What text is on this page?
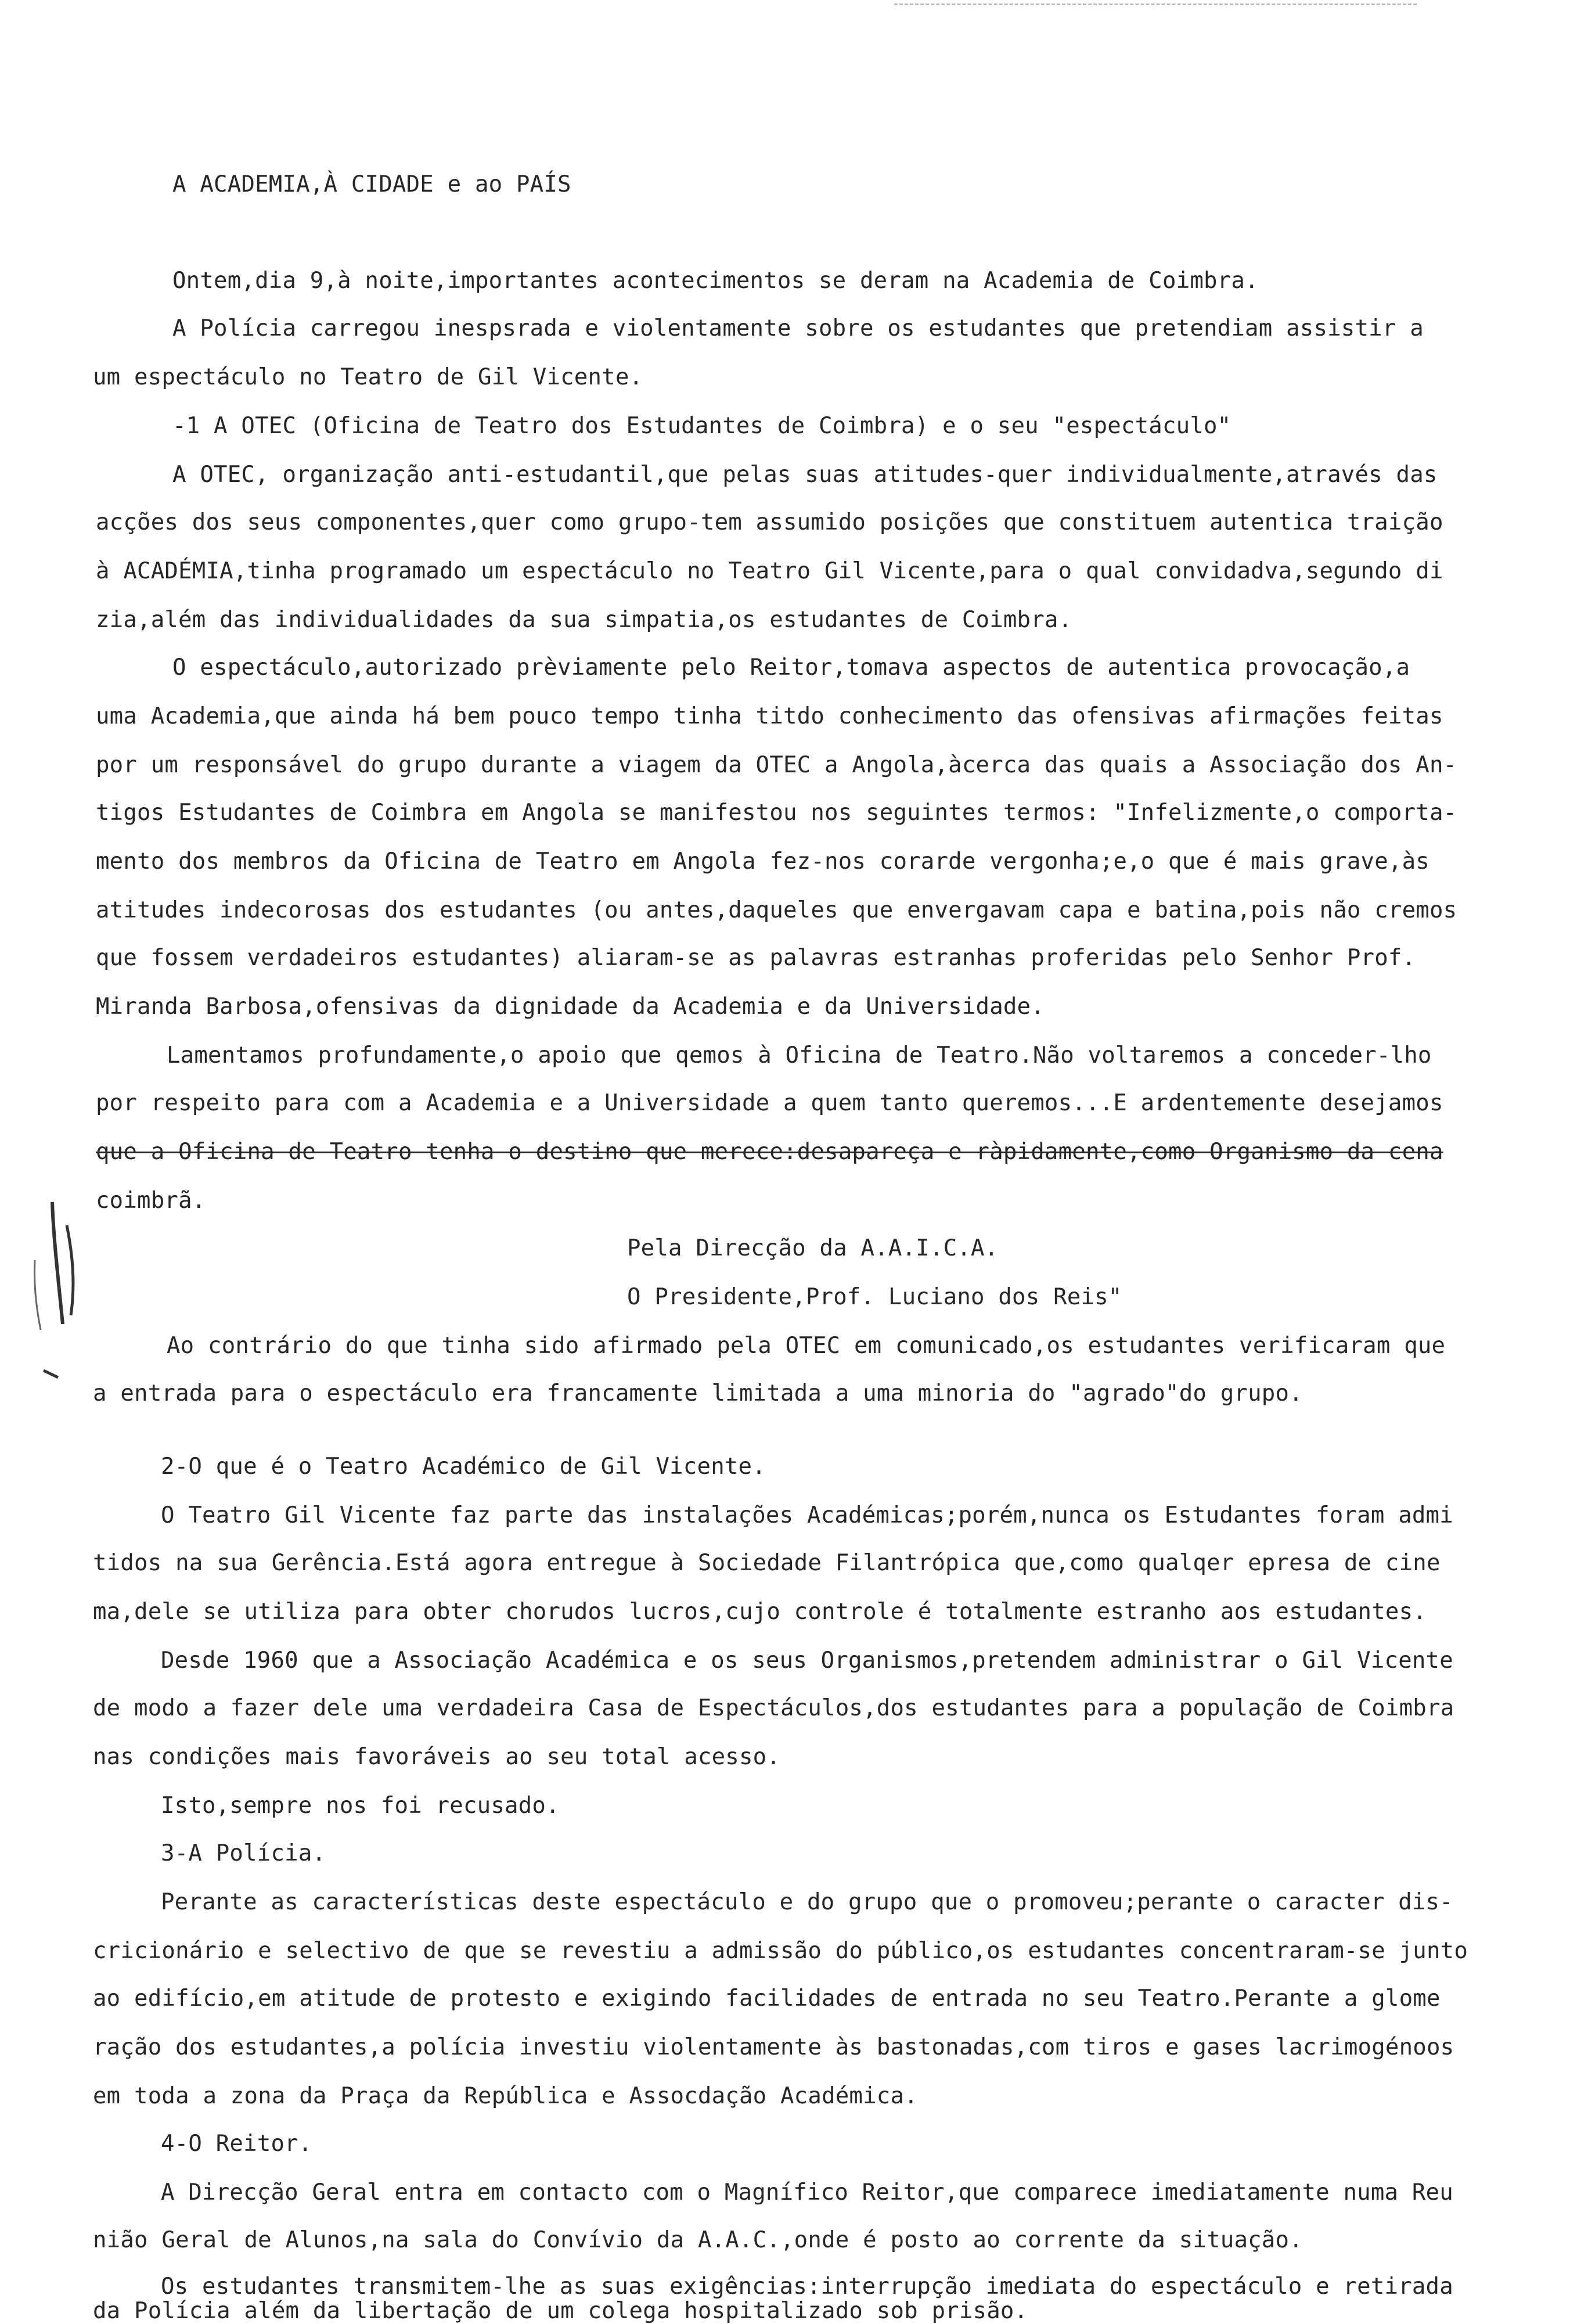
A ACADEMIA,À CIDADE e ao PAÍS
Ontem,dia 9,à noite,importantes acontecimentos se deram na Academia de Coimbra.
A Polícia carregou inespsrada e violentamente sobre os estudantes que pretendiam assistir a
um espectáculo no Teatro de Gil Vicente.
-1 A OTEC (Oficina de Teatro dos Estudantes de Coimbra) e o seu "espectáculo"
A OTEC, organização anti-estudantil,que pelas suas atitudes-quer individualmente,através das
acções dos seus componentes,quer como grupo-tem assumido posições que constituem autentica traição
à ACADÉMIA,tinha programado um espectáculo no Teatro Gil Vicente,para o qual convidadva,segundo di
zia,além das individualidades da sua simpatia,os estudantes de Coimbra.
O espectáculo,autorizado prèviamente pelo Reitor,tomava aspectos de autentica provocação,a
uma Academia,que ainda há bem pouco tempo tinha titdo conhecimento das ofensivas afirmações feitas
por um responsável do grupo durante a viagem da OTEC a Angola,àcerca das quais a Associação dos An-
tigos Estudantes de Coimbra em Angola se manifestou nos seguintes termos: "Infelizmente,o comporta-
mento dos membros da Oficina de Teatro em Angola fez-nos corarde vergonha;e,o que é mais grave,às
atitudes indecorosas dos estudantes (ou antes,daqueles que envergavam capa e batina,pois não cremos
que fossem verdadeiros estudantes) aliaram-se as palavras estranhas proferidas pelo Senhor Prof.
Miranda Barbosa,ofensivas da dignidade da Academia e da Universidade.
Lamentamos profundamente,o apoio que qemos à Oficina de Teatro.Não voltaremos a conceder-lho
por respeito para com a Academia e a Universidade a quem tanto queremos...E ardentemente desejamos
que a Oficina de Teatro tenha o destino que merece:desapareça e ràpidamente,como Organismo da cena
coimbrã.
Pela Direcção da A.A.I.C.A.
O Presidente,Prof. Luciano dos Reis"
Ao contrário do que tinha sido afirmado pela OTEC em comunicado,os estudantes verificaram que
a entrada para o espectáculo era francamente limitada a uma minoria do "agrado"do grupo.
2-O que é o Teatro Académico de Gil Vicente.
O Teatro Gil Vicente faz parte das instalações Académicas;porém,nunca os Estudantes foram admi
tidos na sua Gerência.Está agora entregue à Sociedade Filantrópica que,como qualqer epresa de cine
ma,dele se utiliza para obter chorudos lucros,cujo controle é totalmente estranho aos estudantes.
Desde 1960 que a Associação Académica e os seus Organismos,pretendem administrar o Gil Vicente
de modo a fazer dele uma verdadeira Casa de Espectáculos,dos estudantes para a população de Coimbra
nas condições mais favoráveis ao seu total acesso.
Isto,sempre nos foi recusado.
3-A Polícia.
Perante as características deste espectáculo e do grupo que o promoveu;perante o caracter dis-
cricionário e selectivo de que se revestiu a admissão do público,os estudantes concentraram-se junto
ao edifício,em atitude de protesto e exigindo facilidades de entrada no seu Teatro.Perante a glome
ração dos estudantes,a polícia investiu violentamente às bastonadas,com tiros e gases lacrimogénoos
em toda a zona da Praça da República e Assocdação Académica.
4-O Reitor.
A Direcção Geral entra em contacto com o Magnífico Reitor,que comparece imediatamente numa Reu
nião Geral de Alunos,na sala do Convívio da A.A.C.,onde é posto ao corrente da situação.
Os estudantes transmitem-lhe as suas exigências:interrupção imediata do espectáculo e retirada
da Polícia além da libertação de um colega hospitalizado sob prisão.
